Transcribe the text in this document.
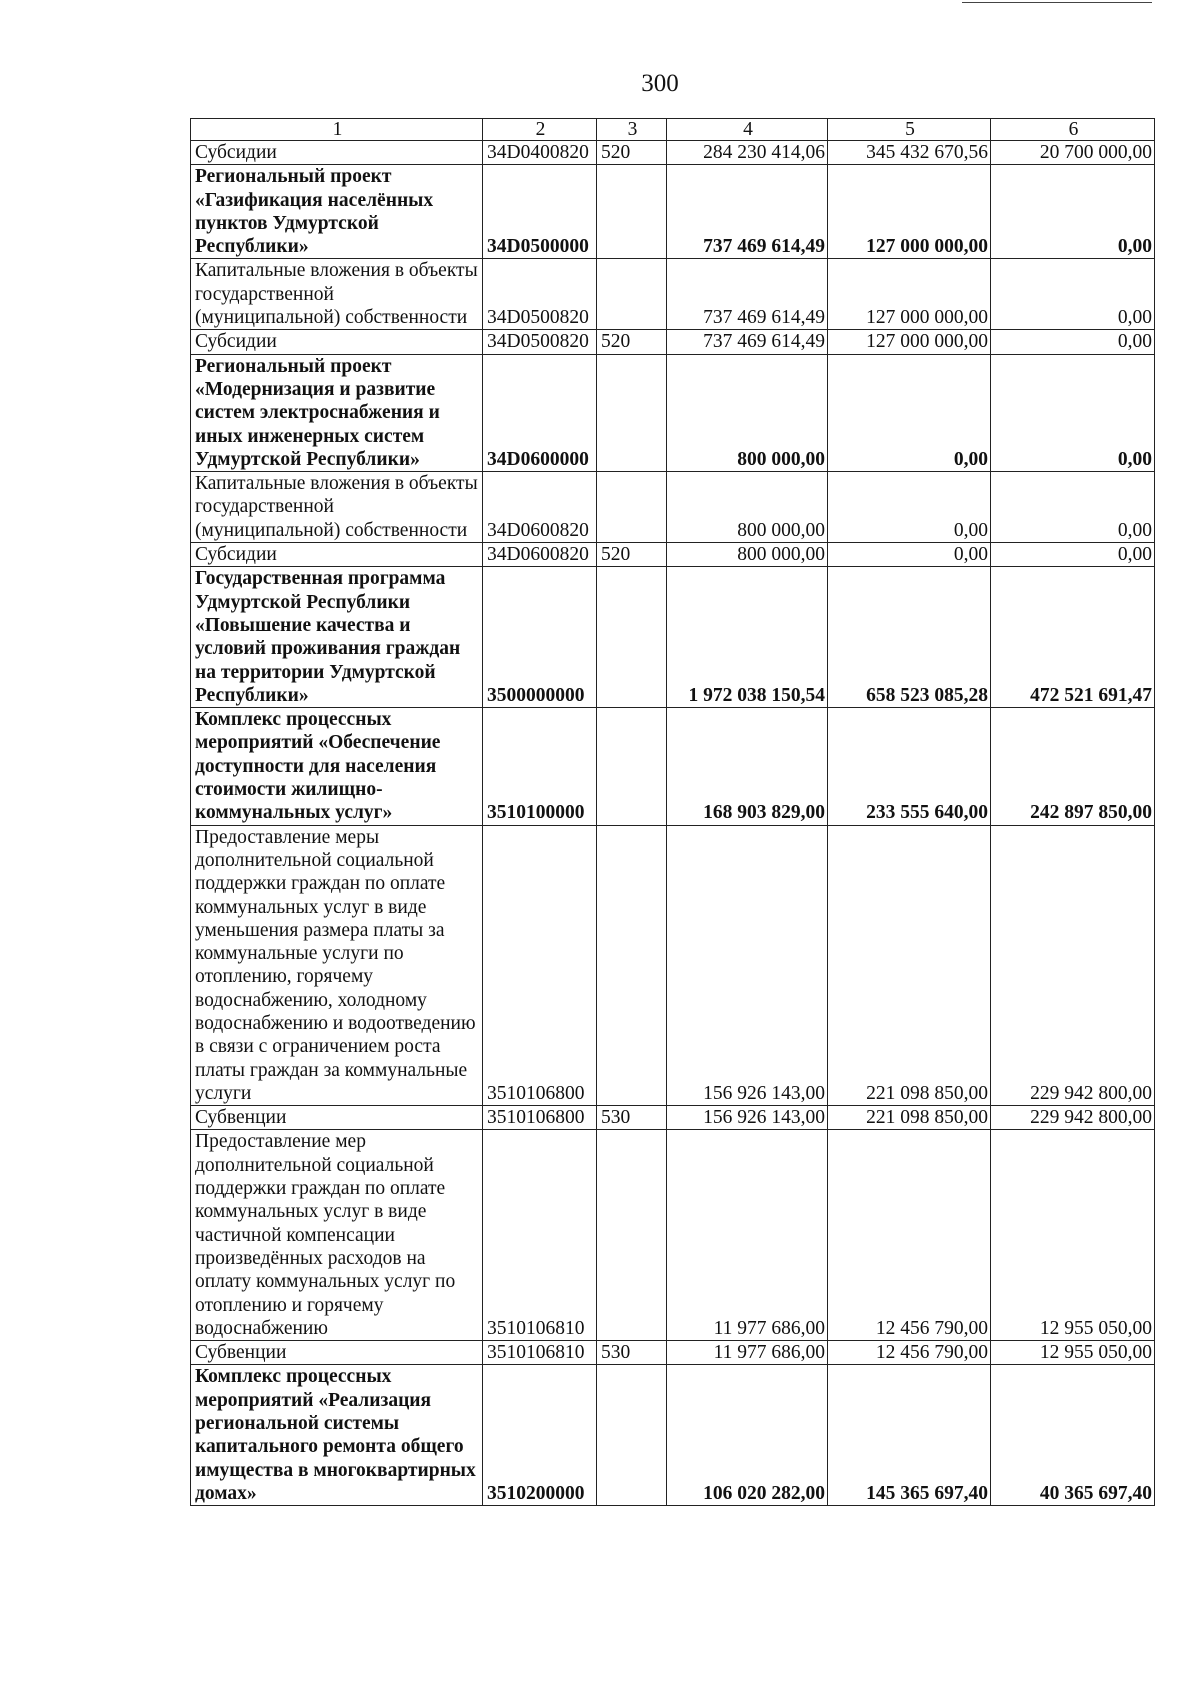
300
1	2	3	4	5	6
Субсидии	34D0400820	520	284 230 414,06	345 432 670,56	20 700 000,00
Региональный проект «Газификация населённых пунктов Удмуртской Республики»	34D0500000		737 469 614,49	127 000 000,00	0,00
Капитальные вложения в объекты государственной (муниципальной) собственности	34D0500820		737 469 614,49	127 000 000,00	0,00
Субсидии	34D0500820	520	737 469 614,49	127 000 000,00	0,00
Региональный проект «Модернизация и развитие систем электроснабжения и иных инженерных систем Удмуртской Республики»	34D0600000		800 000,00	0,00	0,00
Капитальные вложения в объекты государственной (муниципальной) собственности	34D0600820		800 000,00	0,00	0,00
Субсидии	34D0600820	520	800 000,00	0,00	0,00
Государственная программа Удмуртской Республики «Повышение качества и условий проживания граждан на территории Удмуртской Республики»	3500000000		1 972 038 150,54	658 523 085,28	472 521 691,47
Комплекс процессных мероприятий «Обеспечение доступности для населения стоимости жилищно-коммунальных услуг»	3510100000		168 903 829,00	233 555 640,00	242 897 850,00
Предоставление меры дополнительной социальной поддержки граждан по оплате коммунальных услуг в виде уменьшения размера платы за коммунальные услуги по отоплению, горячему водоснабжению, холодному водоснабжению и водоотведению в связи с ограничением роста платы граждан за коммунальные услуги	3510106800		156 926 143,00	221 098 850,00	229 942 800,00
Субвенции	3510106800	530	156 926 143,00	221 098 850,00	229 942 800,00
Предоставление мер дополнительной социальной поддержки граждан по оплате коммунальных услуг в виде частичной компенсации произведённых расходов на оплату коммунальных услуг по отоплению и горячему водоснабжению	3510106810		11 977 686,00	12 456 790,00	12 955 050,00
Субвенции	3510106810	530	11 977 686,00	12 456 790,00	12 955 050,00
Комплекс процессных мероприятий «Реализация региональной системы капитального ремонта общего имущества в многоквартирных домах»	3510200000		106 020 282,00	145 365 697,40	40 365 697,40
